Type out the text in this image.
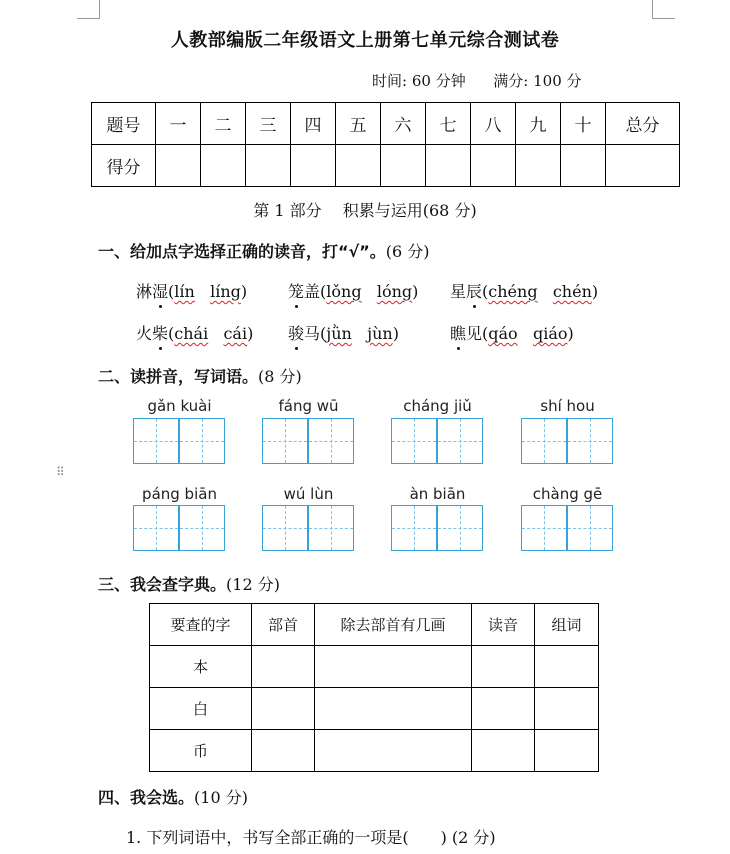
人教部编版二年级语文上册第七单元综合测试卷
时间: 60 分钟 满分: 100 分
题号	一	二	三	四	五	六	七	八	九	十	总分
得分											
第 1 部分　 积累与运用(68 分)
一、给加点字选择正确的读音，打“√”。(6 分)
淋湿(lín líng)	笼盖(lǒng lóng) 星辰(chéng chén)
火柴(chái cái) 骏马(jǜn jùn)	瞧见(qáo qiáo)
二、读拼音，写词语。(8 分)
gǎn kuài	fáng wū	cháng jiǔ	shí hou
⠿
páng biān	wú lùn	àn biān	chàng gē
三、我会查字典。(12 分)
要查的字	部首	除去部首有几画	读音	组词
本				
白				
币				
四、我会选。(10 分)
1. 下列词语中，书写全部正确的一项是(　　) (2 分)
